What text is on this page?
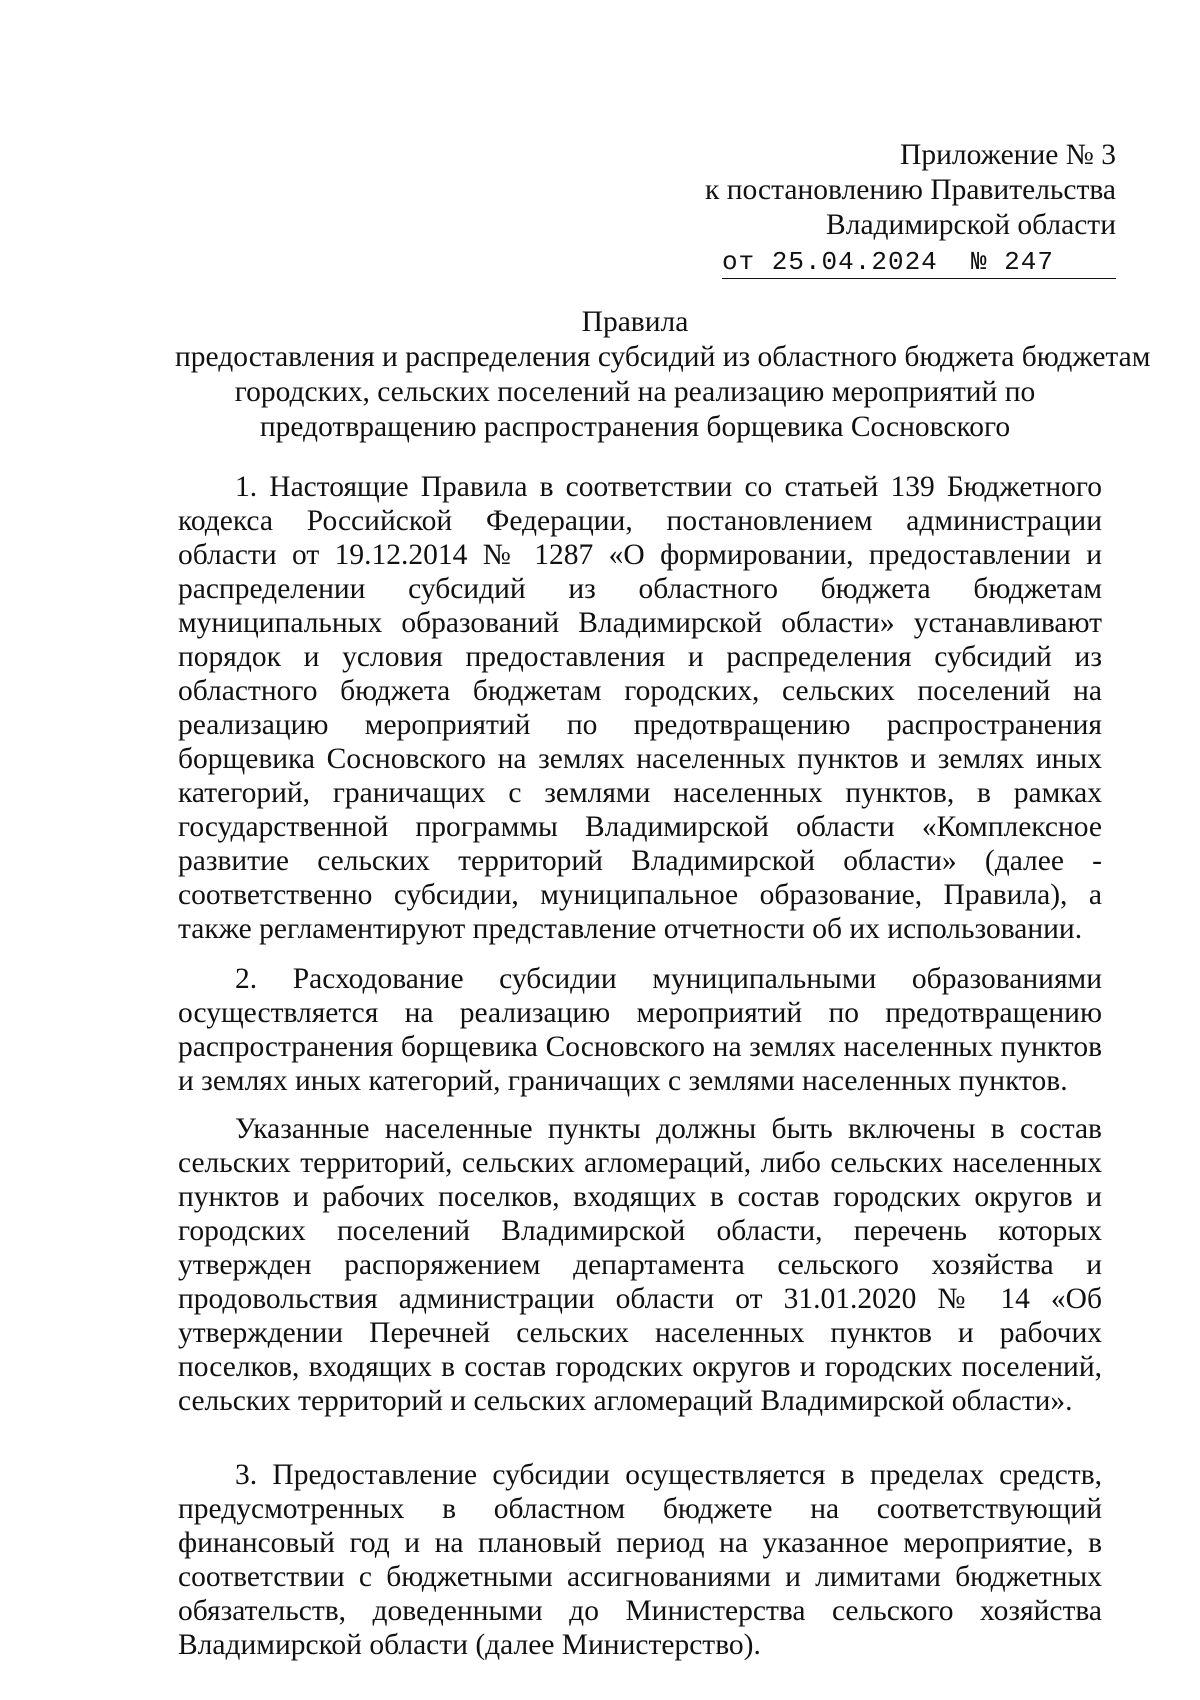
Приложение № 3
к постановлению Правительства
Владимирской области
от 25.04.2024  № 247
Правила
предоставления и распределения субсидий из областного бюджета бюджетам
городских, сельских поселений на реализацию мероприятий по
предотвращению распространения борщевика Сосновского

1. Настоящие Правила в соответствии со статьей 139 Бюджетного кодекса Российской Федерации, постановлением администрации области от 19.12.2014 № 1287 «О формировании, предоставлении и распределении субсидий из областного бюджета бюджетам муниципальных образований Владимирской области» устанавливают порядок и условия предоставления и распределения субсидий из областного бюджета бюджетам городских, сельских поселений на реализацию мероприятий по предотвращению распространения борщевика Сосновского на землях населенных пунктов и землях иных категорий, граничащих с землями населенных пунктов, в рамках государственной программы Владимирской области «Комплексное развитие сельских территорий Владимирской области» (далее - соответственно субсидии, муниципальное образование, Правила), а также регламентируют представление отчетности об их использовании.

2. Расходование субсидии муниципальными образованиями осуществляется на реализацию мероприятий по предотвращению распространения борщевика Сосновского на землях населенных пунктов и землях иных категорий, граничащих с землями населенных пунктов.

Указанные населенные пункты должны быть включены в состав сельских территорий, сельских агломераций, либо сельских населенных пунктов и рабочих поселков, входящих в состав городских округов и городских поселений Владимирской области, перечень которых утвержден распоряжением департамента сельского хозяйства и продовольствия администрации области от 31.01.2020 № 14 «Об утверждении Перечней сельских населенных пунктов и рабочих поселков, входящих в состав городских округов и городских поселений, сельских территорий и сельских агломераций Владимирской области».

3. Предоставление субсидии осуществляется в пределах средств, предусмотренных в областном бюджете на соответствующий финансовый год и на плановый период на указанное мероприятие, в соответствии с бюджетными ассигнованиями и лимитами бюджетных обязательств, доведенными до Министерства сельского хозяйства Владимирской области (далее Министерство).
